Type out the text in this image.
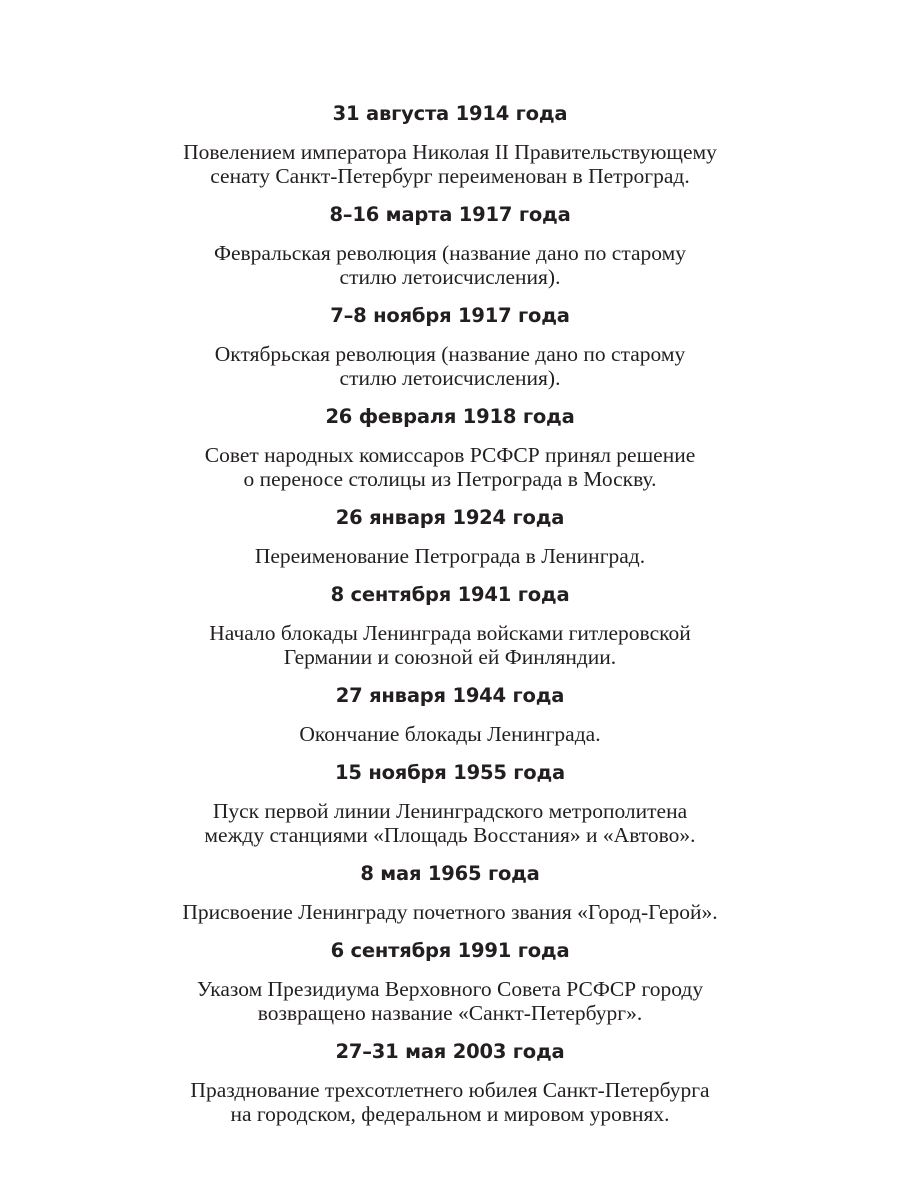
31 августа 1914 года
Повелением императора Николая II Правительствующему
сенату Санкт-Петербург переименован в Петроград.
8–16 марта 1917 года
Февральская революция (название дано по старому
стилю летоисчисления).
7–8 ноября 1917 года
Октябрьская революция (название дано по старому
стилю летоисчисления).
26 февраля 1918 года
Совет народных комиссаров РСФСР принял решение
о переносе столицы из Петрограда в Москву.
26 января 1924 года
Переименование Петрограда в Ленинград.
8 сентября 1941 года
Начало блокады Ленинграда войсками гитлеровской
Германии и союзной ей Финляндии.
27 января 1944 года
Окончание блокады Ленинграда.
15 ноября 1955 года
Пуск первой линии Ленинградского метрополитена
между станциями «Площадь Восстания» и «Автово».
8 мая 1965 года
Присвоение Ленинграду почетного звания «Город-Герой».
6 сентября 1991 года
Указом Президиума Верховного Совета РСФСР городу
возвращено название «Санкт-Петербург».
27–31 мая 2003 года
Празднование трехсотлетнего юбилея Санкт-Петербурга
на городском, федеральном и мировом уровнях.
